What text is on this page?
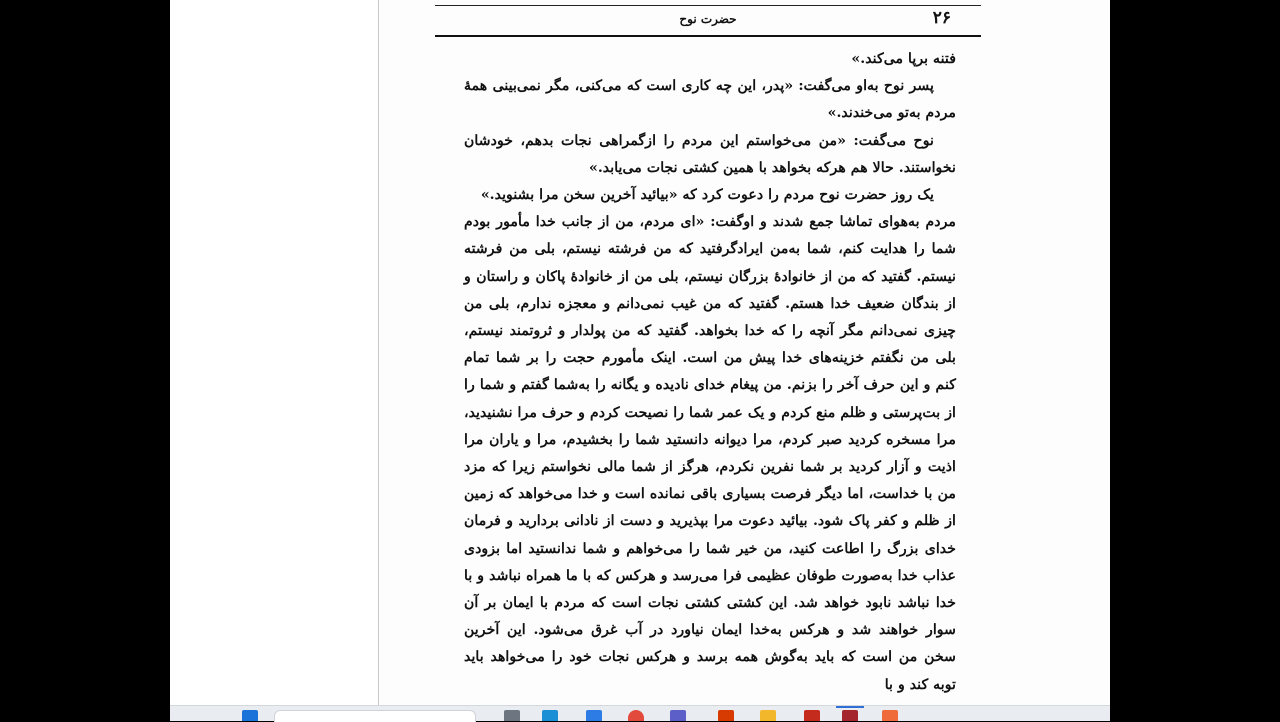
۲۶
حضرت نوح

فتنه برپا می‌کند.»

پسر نوح به‌او می‌گفت: «پدر، این چه کاری است که می‌کنی، مگر نمی‌بینی همهٔ مردم به‌تو می‌خندند.»

نوح می‌گفت: «من می‌خواستم این مردم را ازگمراهی نجات بدهم، خودشان نخواستند. حالا هم هرکه بخواهد با همین کشتی نجات می‌یابد.»

یک روز حضرت نوح مردم را دعوت کرد که «بیائید آخرین سخن مرا بشنوید.»

مردم به‌هوای تماشا جمع شدند و اوگفت: «ای مردم، من از جانب خدا مأمور بودم شما را هدایت کنم، شما به‌من ایرادگرفتید که من فرشته نیستم، بلی من فرشته نیستم. گفتید که من از خانوادهٔ بزرگان نیستم، بلی من از خانوادهٔ پاکان و راستان و از بندگان ضعیف خدا هستم. گفتید که من غیب نمی‌دانم و معجزه ندارم، بلی من چیزی نمی‌دانم مگر آنچه را که خدا بخواهد. گفتید که من پولدار و ثروتمند نیستم، بلی من نگفتم خزینه‌های خدا پیش من است. اینک مأمورم حجت را بر شما تمام کنم و این حرف آخر را بزنم. من پیغام خدای نادیده و یگانه را به‌شما گفتم و شما را از بت‌پرستی و ظلم منع کردم و یک عمر شما را نصیحت کردم و حرف مرا نشنیدید، مرا مسخره کردید صبر کردم، مرا دیوانه دانستید شما را بخشیدم، مرا و یاران مرا اذیت و آزار کردید بر شما نفرین نکردم، هرگز از شما مالی نخواستم زیرا که مزد من با خداست، اما دیگر فرصت بسیاری باقی نمانده است و خدا می‌خواهد که زمین از ظلم و کفر پاک شود. بیائید دعوت مرا بپذیرید و دست از نادانی بردارید و فرمان خدای بزرگ را اطاعت کنید، من خیر شما را می‌خواهم و شما ندانستید اما بزودی عذاب خدا به‌صورت طوفان عظیمی فرا می‌رسد و هرکس که با ما همراه نباشد و با خدا نباشد نابود خواهد شد. این کشتی کشتی نجات است که مردم با ایمان بر آن سوار خواهند شد و هرکس به‌خدا ایمان نیاورد در آب غرق می‌شود. این آخرین سخن من است که باید به‌گوش همه برسد و هرکس نجات خود را می‌خواهد باید توبه کند و با
